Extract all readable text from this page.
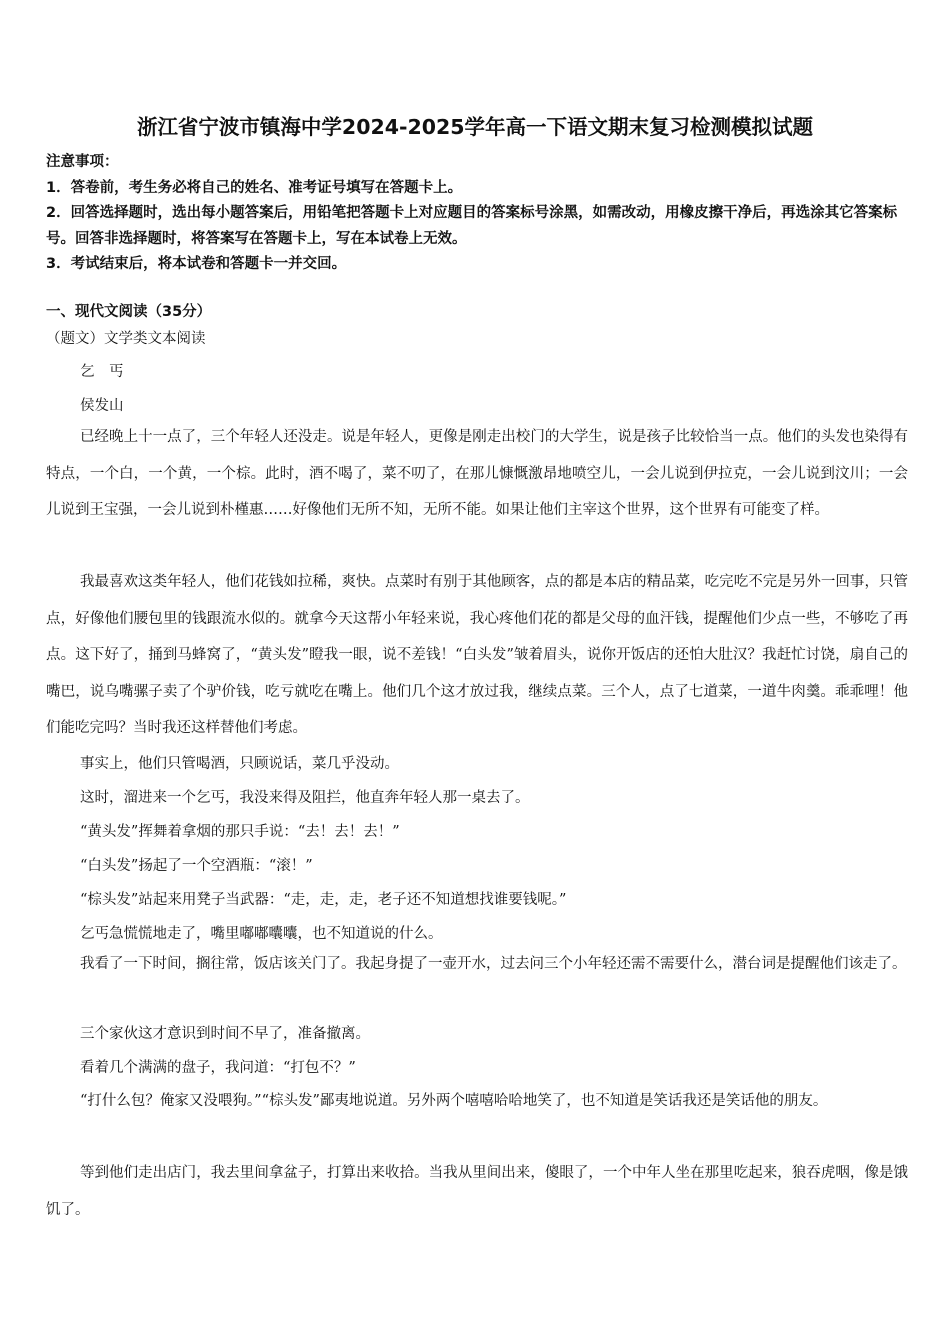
浙江省宁波市镇海中学2024-2025学年高一下语文期末复习检测模拟试题
注意事项：
1．答卷前，考生务必将自己的姓名、准考证号填写在答题卡上。
2．回答选择题时，选出每小题答案后，用铅笔把答题卡上对应题目的答案标号涂黑，如需改动，用橡皮擦干净后，再选涂其它答案标号。回答非选择题时，将答案写在答题卡上，写在本试卷上无效。
3．考试结束后，将本试卷和答题卡一并交回。
一、现代文阅读（35分）
（题文）文学类文本阅读
乞　丐
侯发山
已经晚上十一点了，三个年轻人还没走。说是年轻人，更像是刚走出校门的大学生，说是孩子比较恰当一点。他们的头发也染得有特点，一个白，一个黄，一个棕。此时，酒不喝了，菜不叨了，在那儿慷慨激昂地喷空儿，一会儿说到伊拉克，一会儿说到汶川；一会儿说到王宝强，一会儿说到朴槿惠……好像他们无所不知，无所不能。如果让他们主宰这个世界，这个世界有可能变了样。
我最喜欢这类年轻人，他们花钱如拉稀，爽快。点菜时有别于其他顾客，点的都是本店的精品菜，吃完吃不完是另外一回事，只管点，好像他们腰包里的钱跟流水似的。就拿今天这帮小年轻来说，我心疼他们花的都是父母的血汗钱，提醒他们少点一些，不够吃了再点。这下好了，捅到马蜂窝了，“黄头发”瞪我一眼，说不差钱！“白头发”皱着眉头，说你开饭店的还怕大肚汉？我赶忙讨饶，扇自己的嘴巴，说乌嘴骡子卖了个驴价钱，吃亏就吃在嘴上。他们几个这才放过我，继续点菜。三个人，点了七道菜，一道牛肉羹。乖乖哩！他们能吃完吗？当时我还这样替他们考虑。
事实上，他们只管喝酒，只顾说话，菜几乎没动。
这时，溜进来一个乞丐，我没来得及阻拦，他直奔年轻人那一桌去了。
“黄头发”挥舞着拿烟的那只手说：“去！去！去！”
“白头发”扬起了一个空酒瓶：“滚！”
“棕头发”站起来用凳子当武器：“走，走，走，老子还不知道想找谁要钱呢。”
乞丐急慌慌地走了，嘴里嘟嘟囔囔，也不知道说的什么。
我看了一下时间，搁往常，饭店该关门了。我起身提了一壶开水，过去问三个小年轻还需不需要什么，潜台词是提醒他们该走了。
三个家伙这才意识到时间不早了，准备撤离。
看着几个满满的盘子，我问道：“打包不？”
“打什么包？俺家又没喂狗。”“棕头发”鄙夷地说道。另外两个嘻嘻哈哈地笑了，也不知道是笑话我还是笑话他的朋友。
等到他们走出店门，我去里间拿盆子，打算出来收拾。当我从里间出来，傻眼了，一个中年人坐在那里吃起来，狼吞虎咽，像是饿饥了。
